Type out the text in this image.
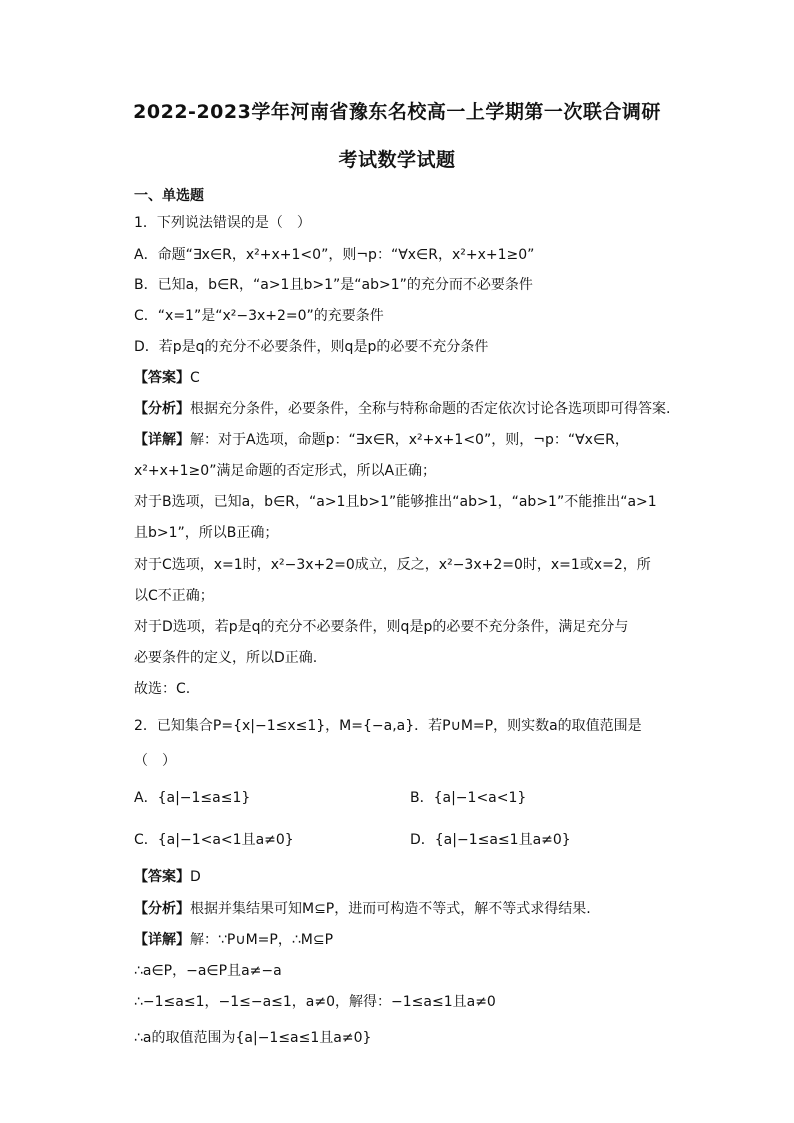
2022-2023学年河南省豫东名校高一上学期第一次联合调研
考试数学试题
一、单选题
1．下列说法错误的是（　）
A．命题“∃x∈R，x²+x+1<0”，则¬p：“∀x∈R，x²+x+1≥0”
B．已知a，b∈R，“a>1且b>1”是“ab>1”的充分而不必要条件
C．“x=1”是“x²−3x+2=0”的充要条件
D．若p是q的充分不必要条件，则q是p的必要不充分条件
【答案】C
【分析】根据充分条件，必要条件，全称与特称命题的否定依次讨论各选项即可得答案.
【详解】解：对于A选项，命题p：“∃x∈R，x²+x+1<0”，则，¬p：“∀x∈R，
x²+x+1≥0”满足命题的否定形式，所以A正确；
对于B选项，已知a，b∈R，“a>1且b>1”能够推出“ab>1，“ab>1”不能推出“a>1
且b>1”，所以B正确；
对于C选项，x=1时，x²−3x+2=0成立，反之，x²−3x+2=0时，x=1或x=2，所
以C不正确；
对于D选项，若p是q的充分不必要条件，则q是p的必要不充分条件，满足充分与
必要条件的定义，所以D正确.
故选：C.
2．已知集合P={x|−1≤x≤1}，M={−a,a}．若P∪M=P，则实数a的取值范围是
（　）
A．{a|−1≤a≤1}	B．{a|−1<a<1}
C．{a|−1<a<1且a≠0}	D．{a|−1≤a≤1且a≠0}
【答案】D
【分析】根据并集结果可知M⊆P，进而可构造不等式，解不等式求得结果.
【详解】解：∵P∪M=P，∴M⊆P
∴a∈P，−a∈P且a≠−a
∴−1≤a≤1，−1≤−a≤1，a≠0，解得：−1≤a≤1且a≠0
∴a的取值范围为{a|−1≤a≤1且a≠0}
